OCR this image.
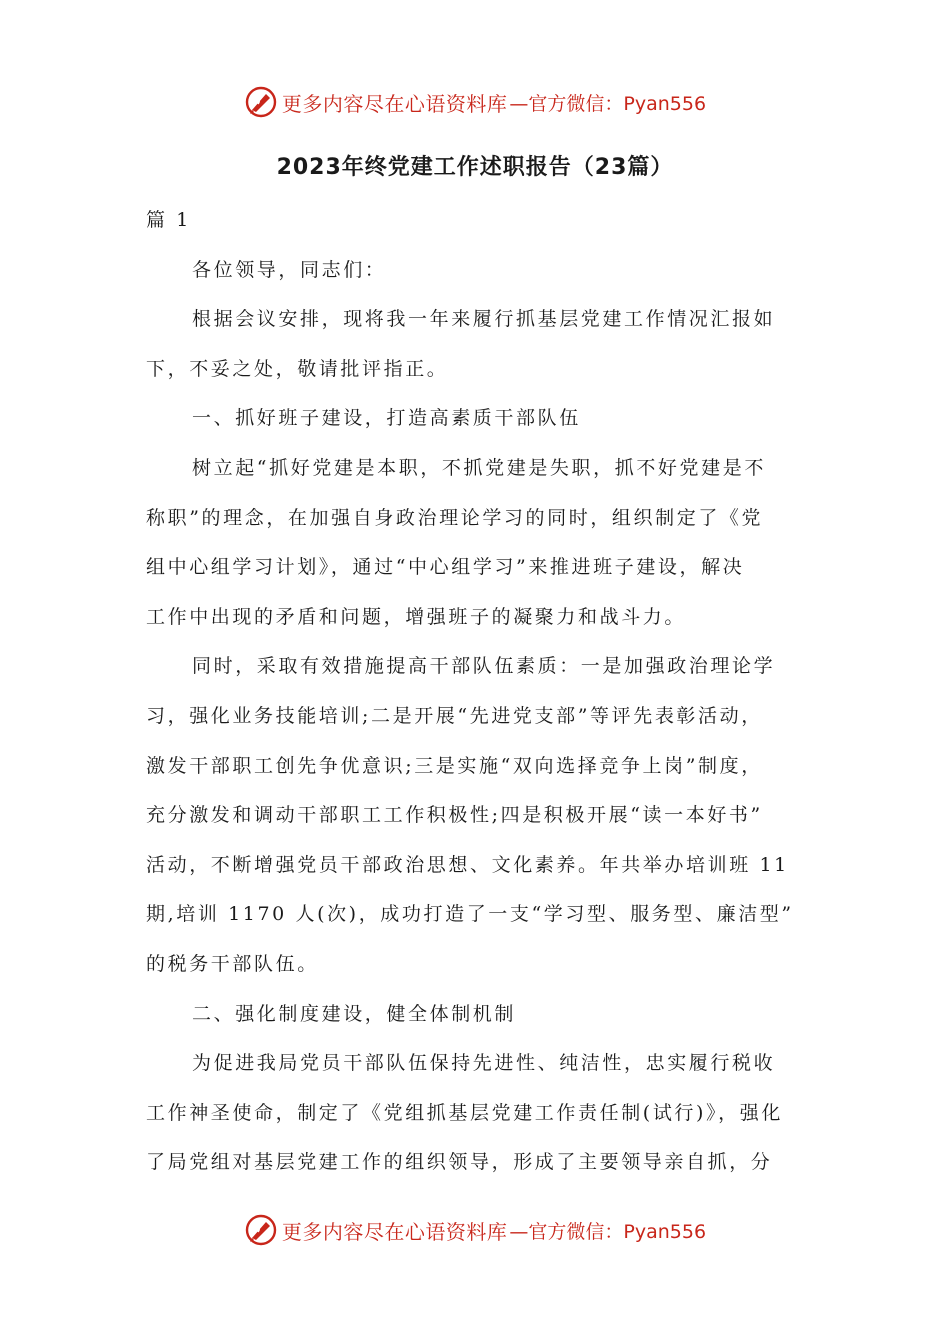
更多内容尽在心语资料库 —官方微信：Pyan556
2023年终党建工作述职报告（23篇）
篇 1
各位领导，同志们：
根据会议安排，现将我一年来履行抓基层党建工作情况汇报如
下，不妥之处，敬请批评指正。
一、抓好班子建设，打造高素质干部队伍
树立起“抓好党建是本职，不抓党建是失职，抓不好党建是不
称职”的理念，在加强自身政治理论学习的同时，组织制定了《党
组中心组学习计划》，通过“中心组学习”来推进班子建设，解决
工作中出现的矛盾和问题，增强班子的凝聚力和战斗力。
同时，采取有效措施提高干部队伍素质：一是加强政治理论学
习，强化业务技能培训;二是开展“先进党支部”等评先表彰活动，
激发干部职工创先争优意识;三是实施“双向选择竞争上岗”制度，
充分激发和调动干部职工工作积极性;四是积极开展“读一本好书”
活动，不断增强党员干部政治思想、文化素养。年共举办培训班 11
期,培训 1170 人(次)，成功打造了一支“学习型、服务型、廉洁型”
的税务干部队伍。
二、强化制度建设，健全体制机制
为促进我局党员干部队伍保持先进性、纯洁性，忠实履行税收
工作神圣使命，制定了《党组抓基层党建工作责任制(试行)》，强化
了局党组对基层党建工作的组织领导，形成了主要领导亲自抓，分
更多内容尽在心语资料库 —官方微信：Pyan556
